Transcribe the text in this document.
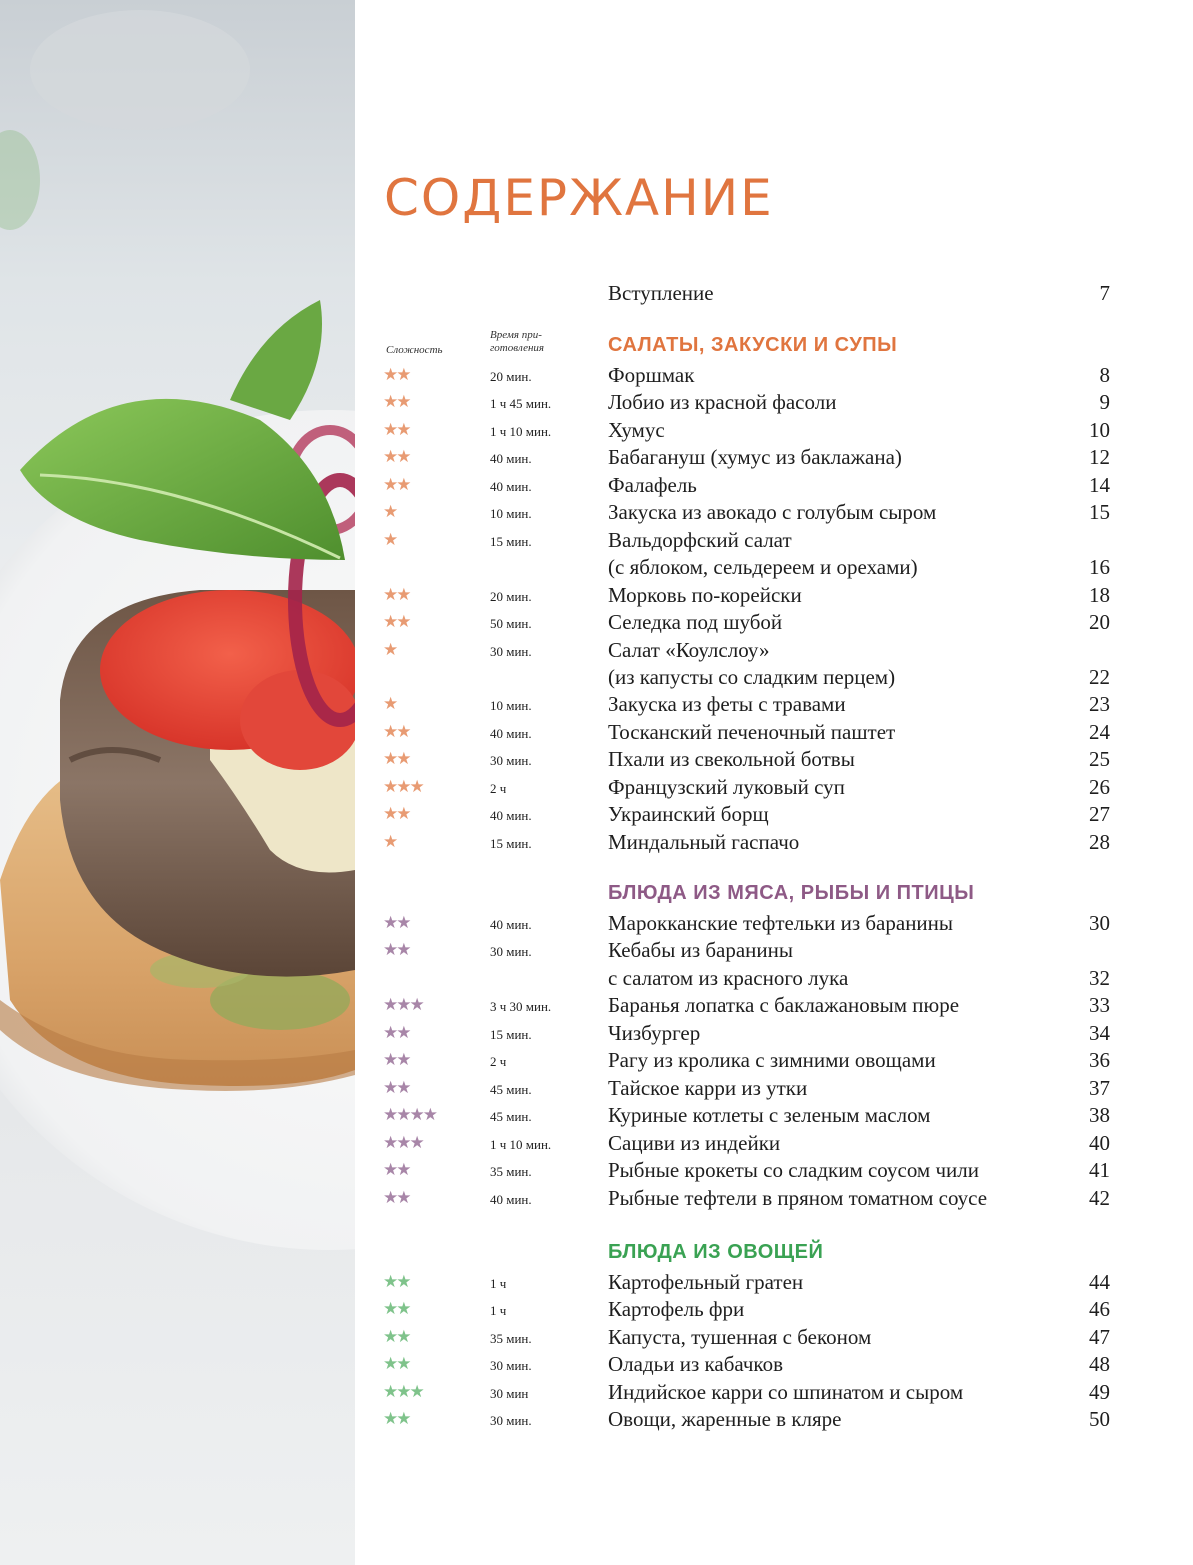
СОДЕРЖАНИЕ
Вступление	7
Сложность
Время при-
готовления	САЛАТЫ, ЗАКУСКИ И СУПЫ
★★	20 мин.	Форшмак	8
★★	1 ч 45 мин.	Лобио из красной фасоли	9
★★	1 ч 10 мин.	Хумус	10
★★	40 мин.	Бабагануш (хумус из баклажана)	12
★★	40 мин.	Фалафель	14
★	10 мин.	Закуска из авокадо с голубым сыром	15
★	15 мин.	Вальдорфский салат
(с яблоком, сельдереем и орехами)	16
★★	20 мин.	Морковь по-корейски	18
★★	50 мин.	Селедка под шубой	20
★	30 мин.	Салат «Коулслоу»
(из капусты со сладким перцем)	22
★	10 мин.	Закуска из феты с травами	23
★★	40 мин.	Тосканский печеночный паштет	24
★★	30 мин.	Пхали из свекольной ботвы	25
★★★	2 ч	Французский луковый суп	26
★★	40 мин.	Украинский борщ	27
★	15 мин.	Миндальный гаспачо	28
БЛЮДА ИЗ МЯСА, РЫБЫ И ПТИЦЫ
★★	40 мин.	Марокканские тефтельки из баранины	30
★★	30 мин.	Кебабы из баранины
с салатом из красного лука	32
★★★	3 ч 30 мин.	Баранья лопатка с баклажановым пюре	33
★★	15 мин.	Чизбургер	34
★★	2 ч	Рагу из кролика с зимними овощами	36
★★	45 мин.	Тайское карри из утки	37
★★★★	45 мин.	Куриные котлеты с зеленым маслом	38
★★★	1 ч 10 мин.	Сациви из индейки	40
★★	35 мин.	Рыбные крокеты со сладким соусом чили	41
★★	40 мин.	Рыбные тефтели в пряном томатном соусе	42
БЛЮДА ИЗ ОВОЩЕЙ
★★	1 ч	Картофельный гратен	44
★★	1 ч	Картофель фри	46
★★	35 мин.	Капуста, тушенная с беконом	47
★★	30 мин.	Оладьи из кабачков	48
★★★	30 мин	Индийское карри со шпинатом и сыром	49
★★	30 мин.	Овощи, жаренные в кляре	50
